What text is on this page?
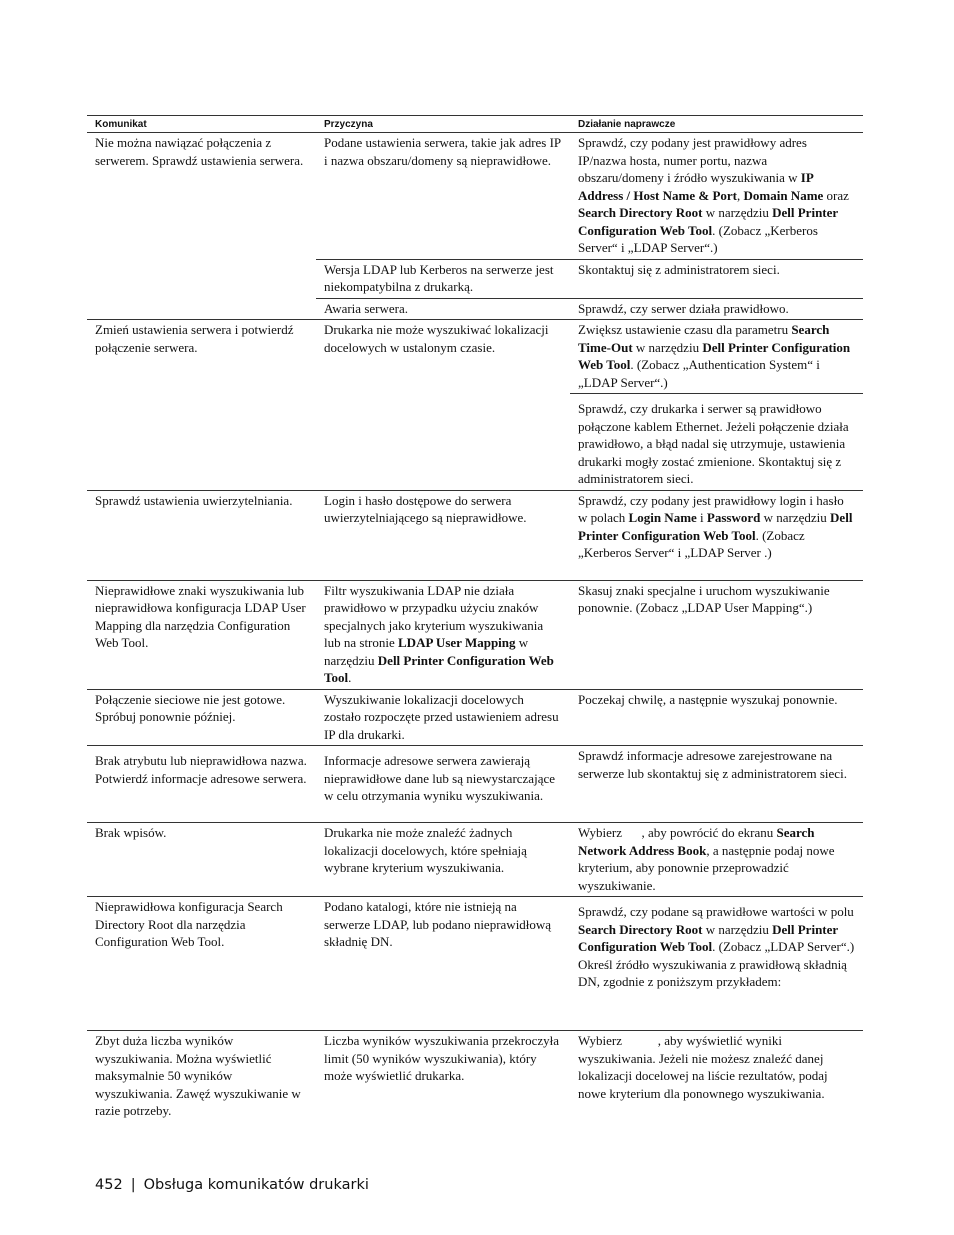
Komunikat	Przyczyna	Działanie naprawcze
Nie można nawiązać połączenia z serwerem. Sprawdź ustawienia serwera.	Podane ustawienia serwera, takie jak adres IP i nazwa obszaru/domeny są nieprawidłowe.	Sprawdź, czy podany jest prawidłowy adres IP/nazwa hosta, numer portu, nazwa obszaru/domeny i źródło wyszukiwania w IP Address / Host Name & Port, Domain Name oraz Search Directory Root w narzędziu Dell Printer Configuration Web Tool. (Zobacz „Kerberos Server“ i „LDAP Server“.)
	Wersja LDAP lub Kerberos na serwerze jest niekompatybilna z drukarką.	Skontaktuj się z administratorem sieci.
	Awaria serwera.	Sprawdź, czy serwer działa prawidłowo.
Zmień ustawienia serwera i potwierdź połączenie serwera.	Drukarka nie może wyszukiwać lokalizacji docelowych w ustalonym czasie.	Zwiększ ustawienie czasu dla parametru Search Time-Out w narzędziu Dell Printer Configuration Web Tool. (Zobacz „Authentication System“ i „LDAP Server“.)
		Sprawdź, czy drukarka i serwer są prawidłowo połączone kablem Ethernet. Jeżeli połączenie działa prawidłowo, a błąd nadal się utrzymuje, ustawienia drukarki mogły zostać zmienione. Skontaktuj się z administratorem sieci.
Sprawdź ustawienia uwierzytelniania.	Login i hasło dostępowe do serwera uwierzytelniającego są nieprawidłowe.	Sprawdź, czy podany jest prawidłowy login i hasło w polach Login Name i Password w narzędziu Dell Printer Configuration Web Tool. (Zobacz „Kerberos Server“ i „LDAP Server .)
Nieprawidłowe znaki wyszukiwania lub nieprawidłowa konfiguracja LDAP User Mapping dla narzędzia Configuration Web Tool.	Filtr wyszukiwania LDAP nie działa prawidłowo w przypadku użyciu znaków specjalnych jako kryterium wyszukiwania lub na stronie LDAP User Mapping w narzędziu Dell Printer Configuration Web Tool.	Skasuj znaki specjalne i uruchom wyszukiwanie ponownie. (Zobacz „LDAP User Mapping“.)
Połączenie sieciowe nie jest gotowe. Spróbuj ponownie później.	Wyszukiwanie lokalizacji docelowych zostało rozpoczęte przed ustawieniem adresu IP dla drukarki.	Poczekaj chwilę, a następnie wyszukaj ponownie.
Brak atrybutu lub nieprawidłowa nazwa. Potwierdź informacje adresowe serwera.	Informacje adresowe serwera zawierają nieprawidłowe dane lub są niewystarczające w celu otrzymania wyniku wyszukiwania.	Sprawdź informacje adresowe zarejestrowane na serwerze lub skontaktuj się z administratorem sieci.
Brak wpisów.	Drukarka nie może znaleźć żadnych lokalizacji docelowych, które spełniają wybrane kryterium wyszukiwania.	Wybierz      , aby powrócić do ekranu Search Network Address Book, a następnie podaj nowe kryterium, aby ponownie przeprowadzić wyszukiwanie.
Nieprawidłowa konfiguracja Search Directory Root dla narzędzia Configuration Web Tool.	Podano katalogi, które nie istnieją na serwerze LDAP, lub podano nieprawidłową składnię DN.	Sprawdź, czy podane są prawidłowe wartości w polu Search Directory Root w narzędziu Dell Printer Configuration Web Tool. (Zobacz „LDAP Server“.) Określ źródło wyszukiwania z prawidłową składnią DN, zgodnie z poniższym przykładem:
Zbyt duża liczba wyników wyszukiwania. Można wyświetlić maksymalnie 50 wyników wyszukiwania. Zawęź wyszukiwanie w razie potrzeby.	Liczba wyników wyszukiwania przekroczyła limit (50 wyników wyszukiwania), który może wyświetlić drukarka.	Wybierz           , aby wyświetlić wyniki wyszukiwania. Jeżeli nie możesz znaleźć danej lokalizacji docelowej na liście rezultatów, podaj nowe kryterium dla ponownego wyszukiwania.
452 | Obsługa komunikatów drukarki
